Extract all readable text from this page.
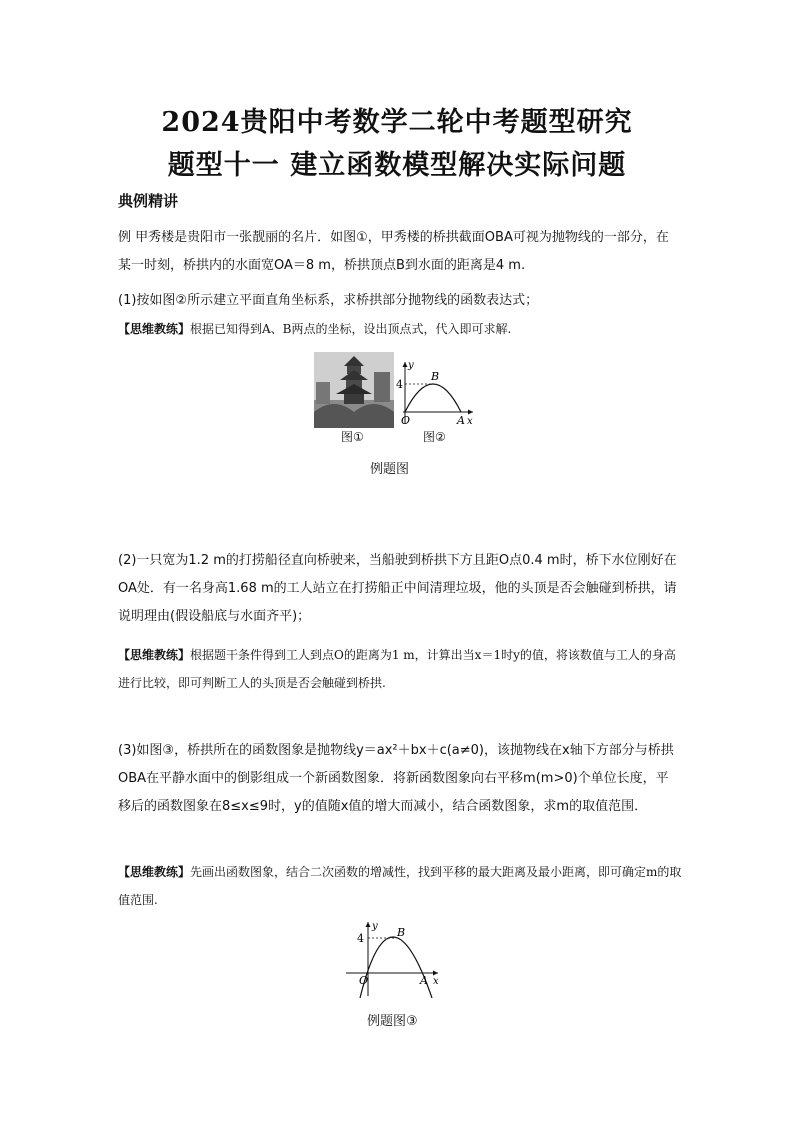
2024贵阳中考数学二轮中考题型研究
题型十一 建立函数模型解决实际问题
典例精讲
例 甲秀楼是贵阳市一张靓丽的名片．如图①，甲秀楼的桥拱截面OBA可视为抛物线的一部分，在某一时刻，桥拱内的水面宽OA＝8 m，桥拱顶点B到水面的距离是4 m.
(1)按如图②所示建立平面直角坐标系，求桥拱部分抛物线的函数表达式；
【思维教练】根据已知得到A、B两点的坐标，设出顶点式，代入即可求解.
y
4
B
O	A x
图①	图②
例题图
(2)一只宽为1.2 m的打捞船径直向桥驶来，当船驶到桥拱下方且距O点0.4 m时，桥下水位刚好在OA处．有一名身高1.68 m的工人站立在打捞船正中间清理垃圾，他的头顶是否会触碰到桥拱，请说明理由(假设船底与水面齐平)；
【思维教练】根据题干条件得到工人到点O的距离为1 m，计算出当x＝1时y的值，将该数值与工人的身高进行比较，即可判断工人的头顶是否会触碰到桥拱.
(3)如图③，桥拱所在的函数图象是抛物线y＝ax²＋bx＋c(a≠0)，该抛物线在x轴下方部分与桥拱OBA在平静水面中的倒影组成一个新函数图象．将新函数图象向右平移m(m>0)个单位长度，平移后的函数图象在8≤x≤9时，y的值随x值的增大而减小，结合函数图象，求m的取值范围．
【思维教练】先画出函数图象，结合二次函数的增减性，找到平移的最大距离及最小距离，即可确定m的取值范围.
y
4	B
O	A x
例题图③
